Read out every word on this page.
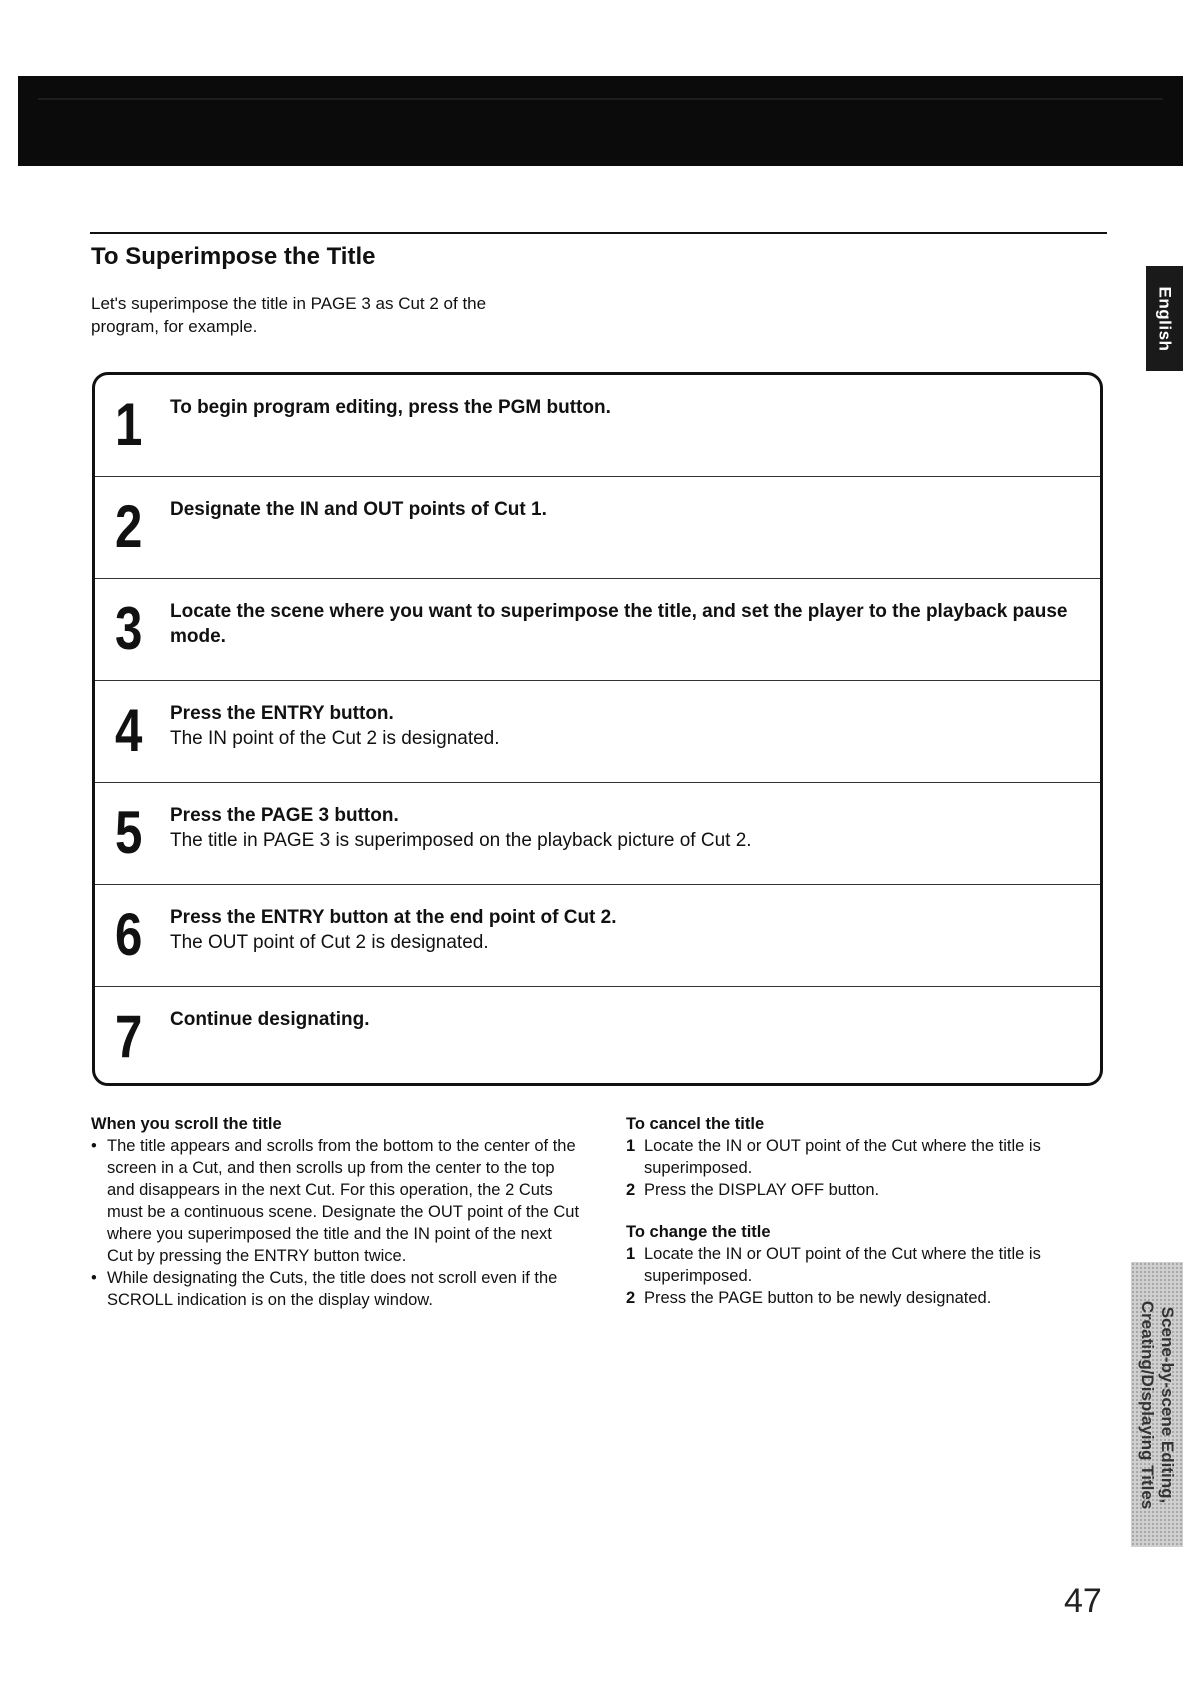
English
To Superimpose the Title

Let's superimpose the title in PAGE 3 as Cut 2 of the program, for example.

1 To begin program editing, press the PGM button.
2 Designate the IN and OUT points of Cut 1.
3 Locate the scene where you want to superimpose the title, and set the player to the playback pause mode.
4 Press the ENTRY button.
The IN point of the Cut 2 is designated.
5 Press the PAGE 3 button.
The title in PAGE 3 is superimposed on the playback picture of Cut 2.
6 Press the ENTRY button at the end point of Cut 2.
The OUT point of Cut 2 is designated.
7 Continue designating.

When you scroll the title

• The title appears and scrolls from the bottom to the center of the screen in a Cut, and then scrolls up from the center to the top and disappears in the next Cut. For this operation, the 2 Cuts must be a continuous scene. Designate the OUT point of the Cut where you superimposed the title and the IN point of the next Cut by pressing the ENTRY button twice.
• While designating the Cuts, the title does not scroll even if the SCROLL indication is on the display window.

To cancel the title

1 Locate the IN or OUT point of the Cut where the title is superimposed.
2 Press the DISPLAY OFF button.

To change the title

1 Locate the IN or OUT point of the Cut where the title is superimposed.
2 Press the PAGE button to be newly designated.
Scene-by-scene Editing,
Creating/Displaying Titles
47
